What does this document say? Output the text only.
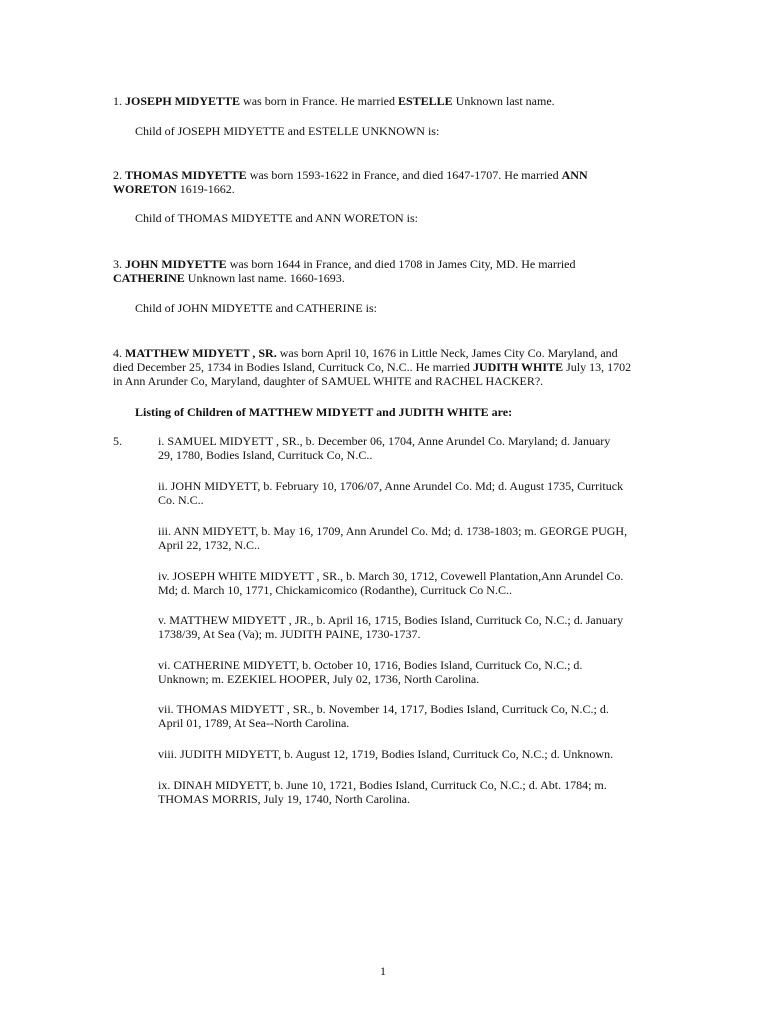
1. JOSEPH MIDYETTE was born in France. He married ESTELLE Unknown last name.
Child of JOSEPH MIDYETTE and ESTELLE UNKNOWN is:
2. THOMAS MIDYETTE was born 1593-1622 in France, and died 1647-1707. He married ANN
WORETON 1619-1662.
Child of THOMAS MIDYETTE and ANN WORETON is:
3. JOHN MIDYETTE was born 1644 in France, and died 1708 in James City, MD. He married
CATHERINE Unknown last name. 1660-1693.
Child of JOHN MIDYETTE and CATHERINE is:
4. MATTHEW MIDYETT , SR. was born April 10, 1676 in Little Neck, James City Co. Maryland, and
died December 25, 1734 in Bodies Island, Currituck Co, N.C.. He married JUDITH WHITE July 13, 1702
in Ann Arunder Co, Maryland, daughter of SAMUEL WHITE and RACHEL HACKER?.
Listing of Children of MATTHEW MIDYETT and JUDITH WHITE are:
5.	i. SAMUEL MIDYETT , SR., b. December 06, 1704, Anne Arundel Co. Maryland; d. January
29, 1780, Bodies Island, Currituck Co, N.C..
ii. JOHN MIDYETT, b. February 10, 1706/07, Anne Arundel Co. Md; d. August 1735, Currituck
Co. N.C..
iii. ANN MIDYETT, b. May 16, 1709, Ann Arundel Co. Md; d. 1738-1803; m. GEORGE PUGH,
April 22, 1732, N.C..
iv. JOSEPH WHITE MIDYETT , SR., b. March 30, 1712, Covewell Plantation,Ann Arundel Co.
Md; d. March 10, 1771, Chickamicomico (Rodanthe), Currituck Co N.C..
v. MATTHEW MIDYETT , JR., b. April 16, 1715, Bodies Island, Currituck Co, N.C.; d. January
1738/39, At Sea (Va); m. JUDITH PAINE, 1730-1737.
vi. CATHERINE MIDYETT, b. October 10, 1716, Bodies Island, Currituck Co, N.C.; d.
Unknown; m. EZEKIEL HOOPER, July 02, 1736, North Carolina.
vii. THOMAS MIDYETT , SR., b. November 14, 1717, Bodies Island, Currituck Co, N.C.; d.
April 01, 1789, At Sea--North Carolina.
viii. JUDITH MIDYETT, b. August 12, 1719, Bodies Island, Currituck Co, N.C.; d. Unknown.
ix. DINAH MIDYETT, b. June 10, 1721, Bodies Island, Currituck Co, N.C.; d. Abt. 1784; m.
THOMAS MORRIS, July 19, 1740, North Carolina.
1
